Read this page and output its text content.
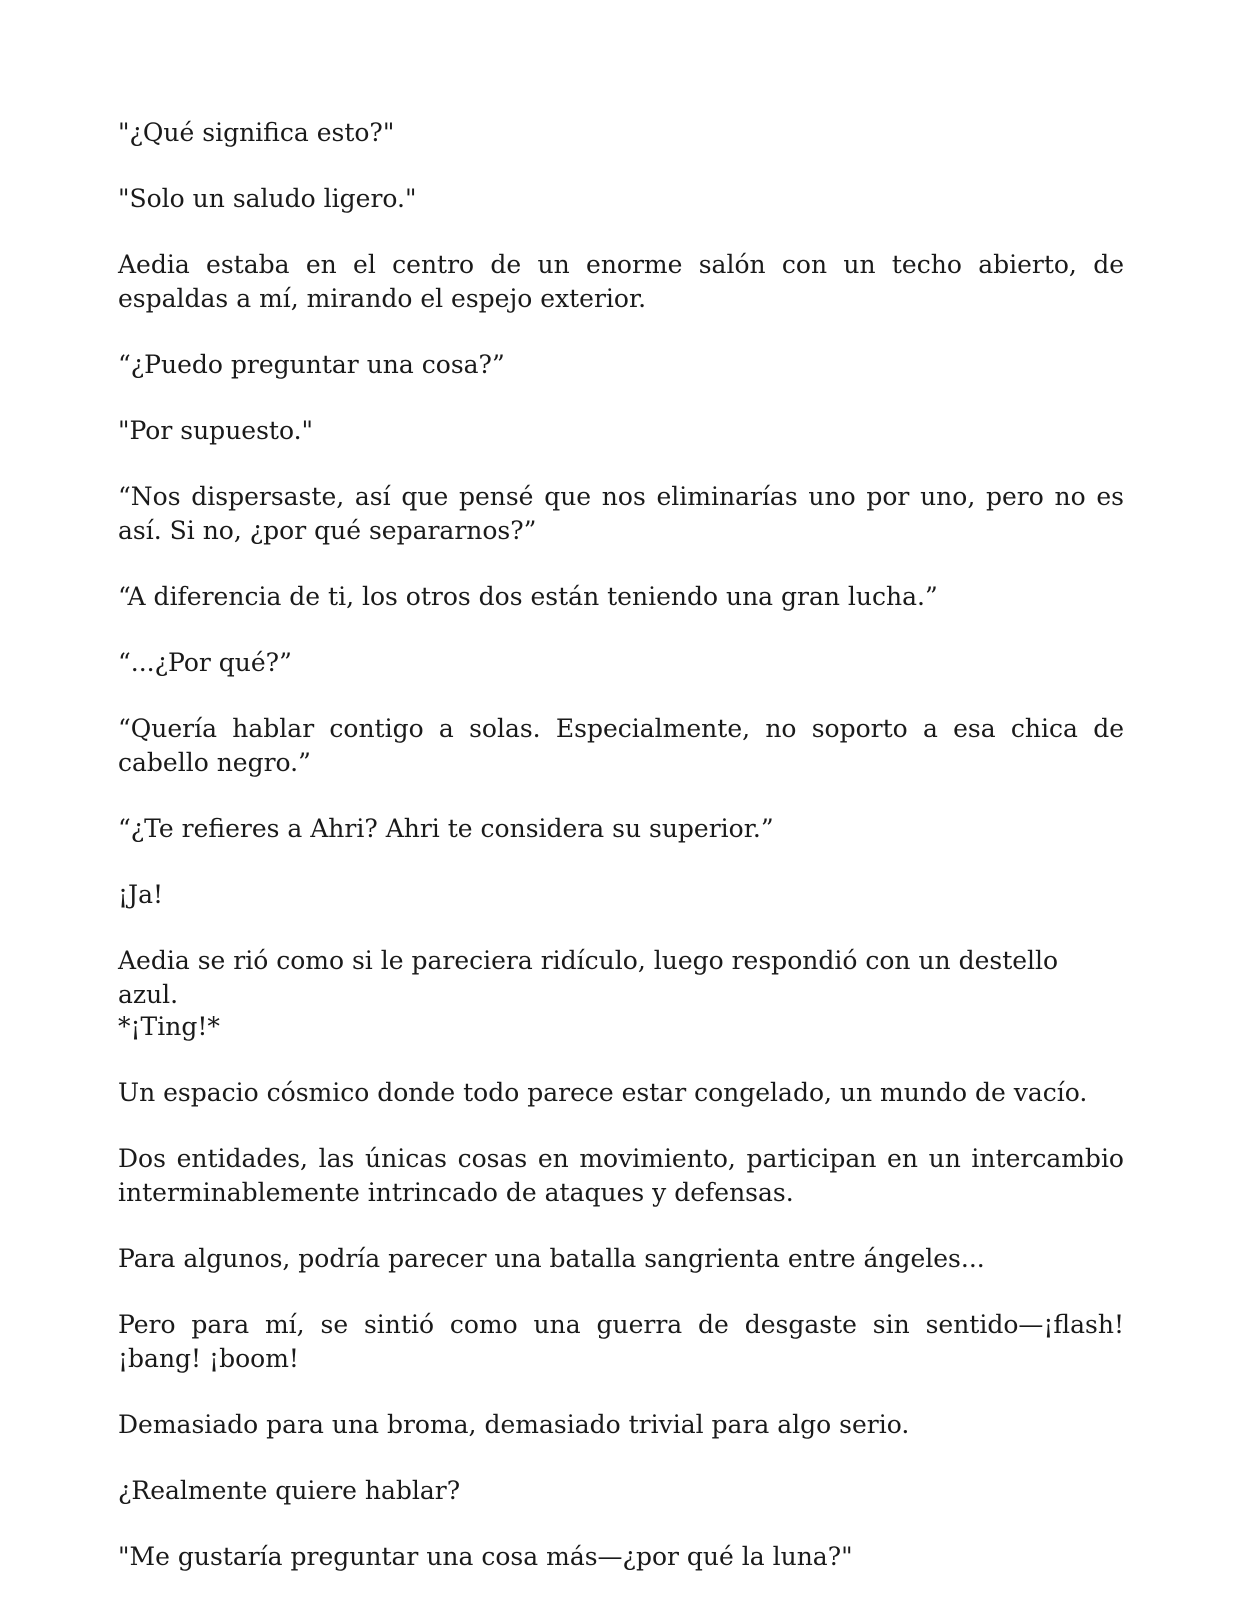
"¿Qué significa esto?"

"Solo un saludo ligero."

Aedia estaba en el centro de un enorme salón con un techo abierto, de espaldas a mí, mirando el espejo exterior.

“¿Puedo preguntar una cosa?”

"Por supuesto."

“Nos dispersaste, así que pensé que nos eliminarías uno por uno, pero no es así. Si no, ¿por qué separarnos?”

“A diferencia de ti, los otros dos están teniendo una gran lucha.”

“...¿Por qué?”

“Quería hablar contigo a solas. Especialmente, no soporto a esa chica de cabello negro.”

“¿Te refieres a Ahri? Ahri te considera su superior.”

¡Ja!

Aedia se rió como si le pareciera ridículo, luego respondió con un destello azul.

*¡Ting!*

Un espacio cósmico donde todo parece estar congelado, un mundo de vacío.

Dos entidades, las únicas cosas en movimiento, participan en un intercambio interminablemente intrincado de ataques y defensas.

Para algunos, podría parecer una batalla sangrienta entre ángeles...

Pero para mí, se sintió como una guerra de desgaste sin sentido—¡flash! ¡bang! ¡boom!

Demasiado para una broma, demasiado trivial para algo serio.

¿Realmente quiere hablar?

"Me gustaría preguntar una cosa más—¿por qué la luna?"
